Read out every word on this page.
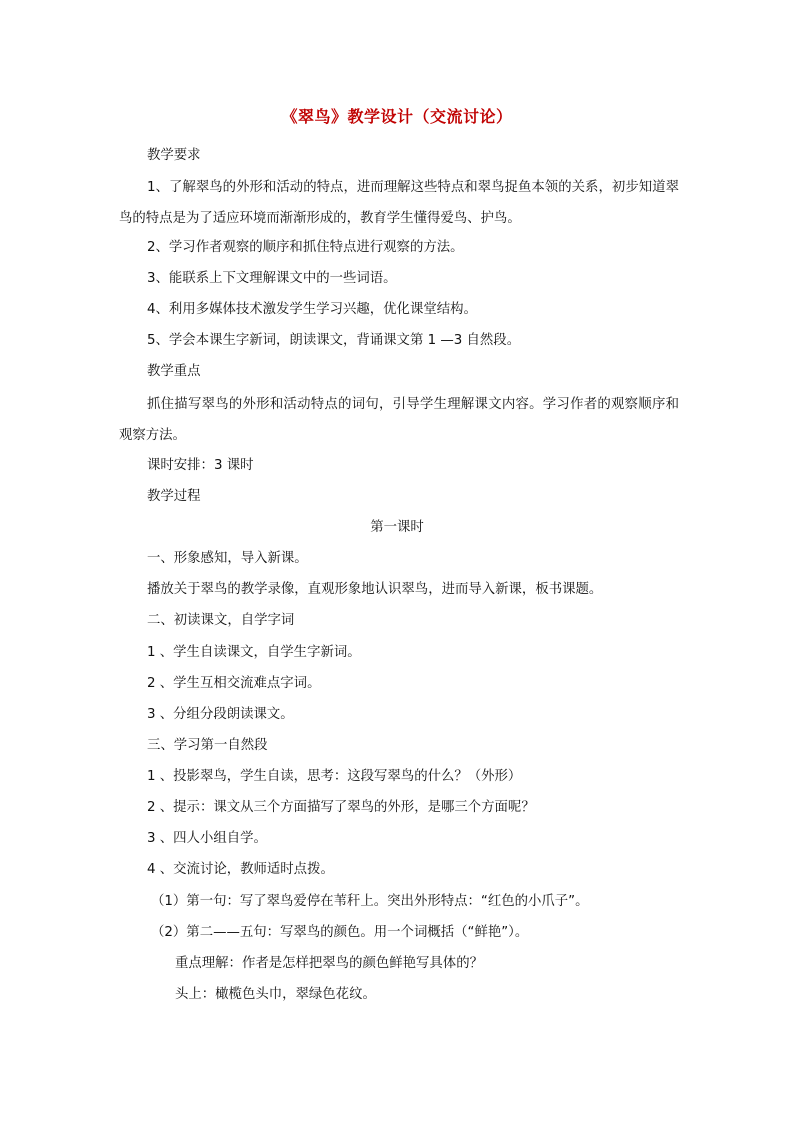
《翠鸟》教学设计（交流讨论）
教学要求
1、了解翠鸟的外形和活动的特点，进而理解这些特点和翠鸟捉鱼本领的关系，初步知道翠鸟的特点是为了适应环境而渐渐形成的，教育学生懂得爱鸟、护鸟。
2、学习作者观察的顺序和抓住特点进行观察的方法。
3、能联系上下文理解课文中的一些词语。
4、利用多媒体技术激发学生学习兴趣，优化课堂结构。
5、学会本课生字新词，朗读课文，背诵课文第 1 —3 自然段。
教学重点
抓住描写翠鸟的外形和活动特点的词句，引导学生理解课文内容。学习作者的观察顺序和观察方法。
课时安排：3 课时
教学过程
第一课时
一、形象感知，导入新课。
播放关于翠鸟的教学录像，直观形象地认识翠鸟，进而导入新课，板书课题。
二、初读课文，自学字词
1 、学生自读课文，自学生字新词。
2 、学生互相交流难点字词。
3 、分组分段朗读课文。
三、学习第一自然段
1 、投影翠鸟，学生自读，思考：这段写翠鸟的什么？（外形）
2 、提示：课文从三个方面描写了翠鸟的外形，是哪三个方面呢？
3 、四人小组自学。
4 、交流讨论，教师适时点拨。
（1）第一句：写了翠鸟爱停在苇秆上。突出外形特点：“红色的小爪子”。
（2）第二——五句：写翠鸟的颜色。用一个词概括（“鲜艳”）。
重点理解：作者是怎样把翠鸟的颜色鲜艳写具体的？
头上：橄榄色头巾，翠绿色花纹。
